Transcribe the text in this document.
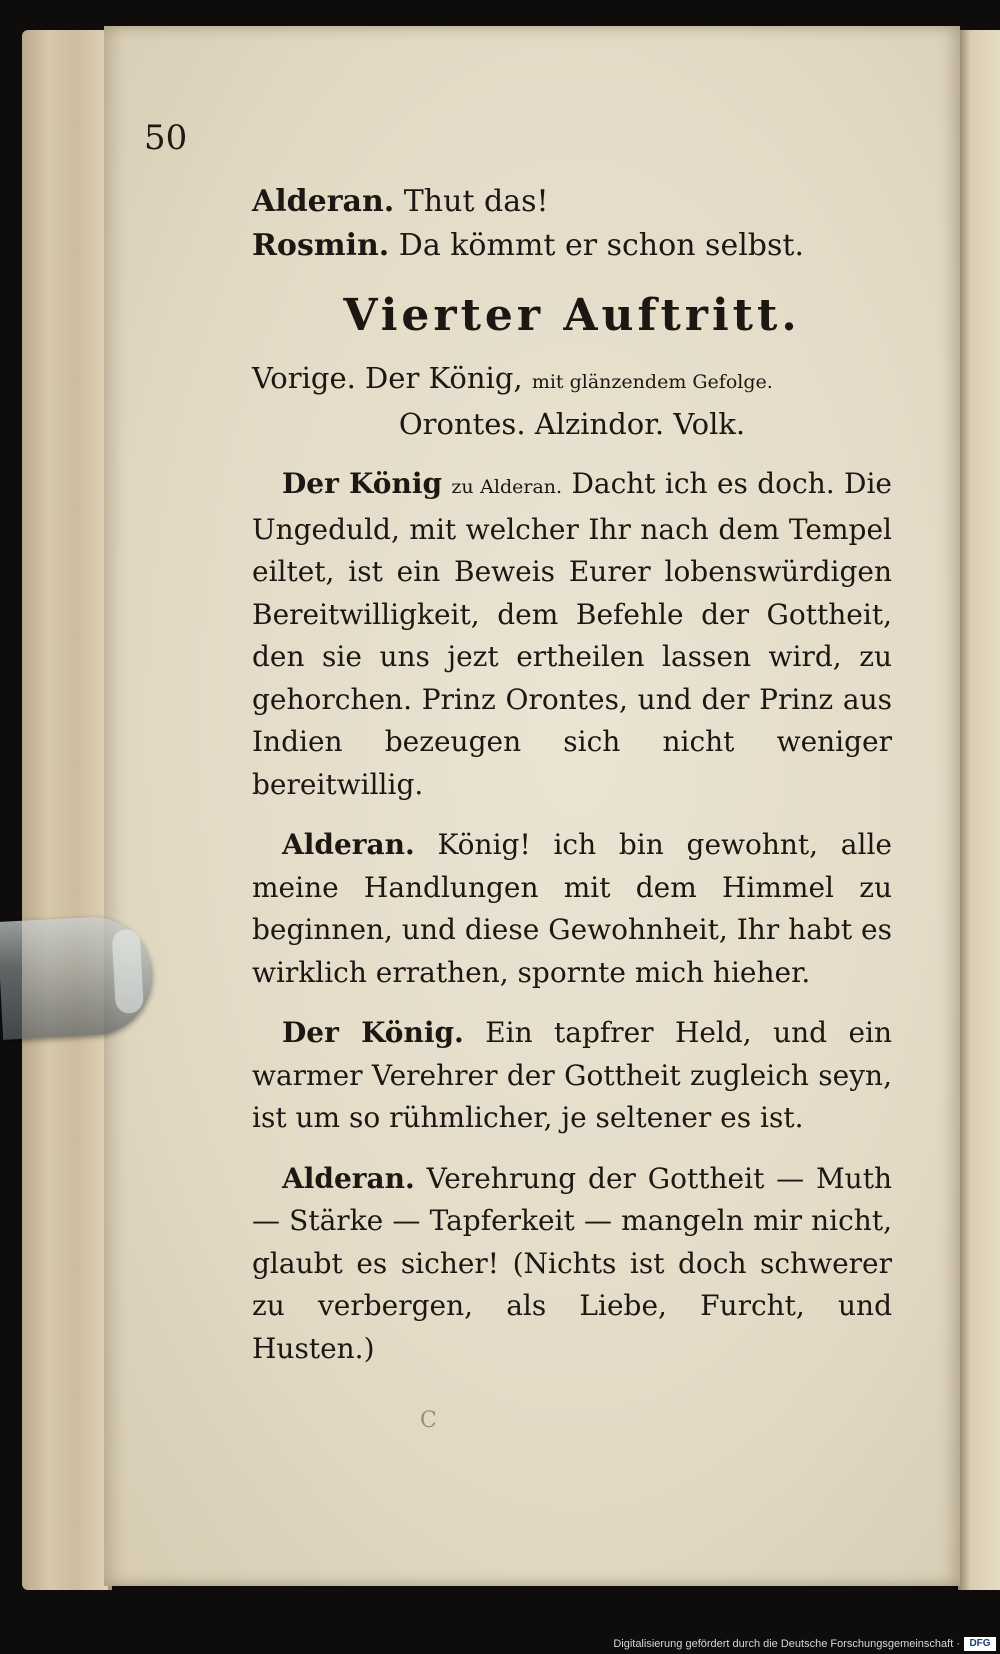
50

Alderan. Thut das!

Rosmin. Da kömmt er schon selbst.

Vierter Auftritt.

Vorige. Der König, mit glänzendem Gefolge.

Orontes. Alzindor. Volk.

Der König zu Alderan. Dacht ich es doch. Die Ungeduld, mit welcher Ihr nach dem Tempel eiltet, ist ein Beweis Eurer lobenswürdigen Bereitwilligkeit, dem Befehle der Gottheit, den sie uns jezt ertheilen lassen wird, zu gehorchen. Prinz Orontes, und der Prinz aus Indien bezeugen sich nicht weniger bereitwillig.

Alderan. König! ich bin gewohnt, alle meine Handlungen mit dem Himmel zu beginnen, und diese Gewohnheit, Ihr habt es wirklich errathen, spornte mich hieher.

Der König. Ein tapfrer Held, und ein warmer Verehrer der Gottheit zugleich seyn, ist um so rühmlicher, je seltener es ist.

Alderan. Verehrung der Gottheit — Muth — Stärke — Tapferkeit — mangeln mir nicht, glaubt es sicher! (Nichts ist doch schwerer zu verbergen, als Liebe, Furcht, und Husten.)

C

Digitalisierung gefördert durch die Deutsche Forschungsgemeinschaft · DFG
